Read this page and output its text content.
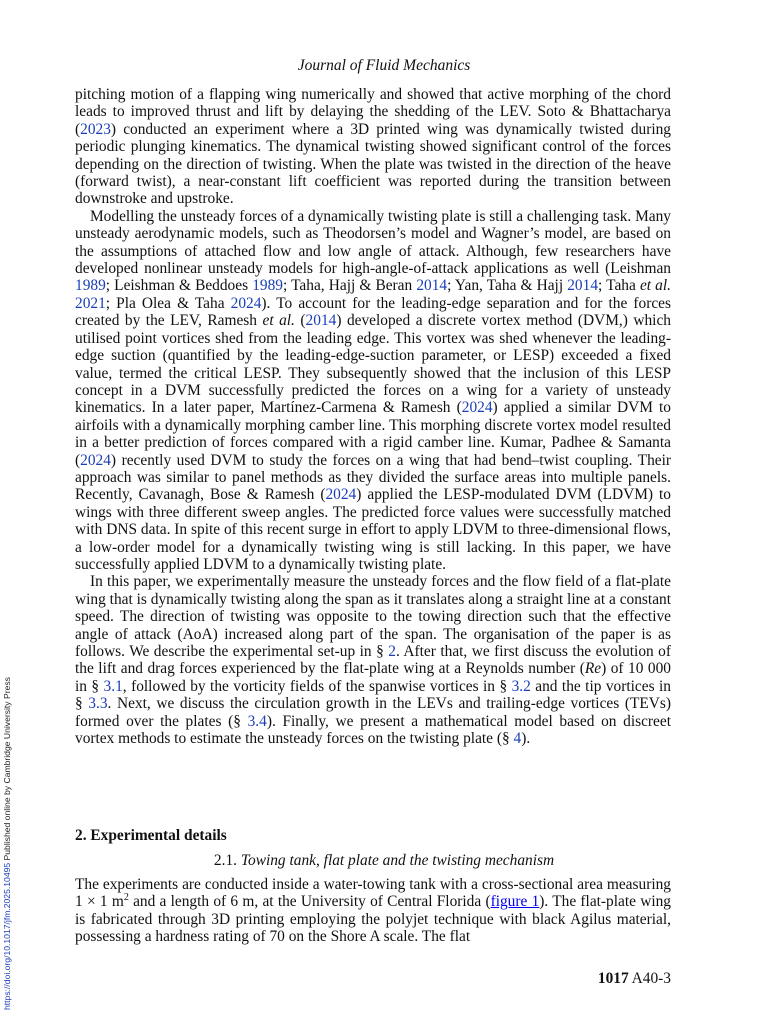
Journal of Fluid Mechanics

pitching motion of a flapping wing numerically and showed that active morphing of the chord leads to improved thrust and lift by delaying the shedding of the LEV. Soto & Bhattacharya (2023) conducted an experiment where a 3D printed wing was dynamically twisted during periodic plunging kinematics. The dynamical twisting showed significant control of the forces depending on the direction of twisting. When the plate was twisted in the direction of the heave (forward twist), a near-constant lift coefficient was reported during the transition between downstroke and upstroke.

Modelling the unsteady forces of a dynamically twisting plate is still a challenging task. Many unsteady aerodynamic models, such as Theodorsen’s model and Wagner’s model, are based on the assumptions of attached flow and low angle of attack. Although, few researchers have developed nonlinear unsteady models for high-angle-of-attack applications as well (Leishman 1989; Leishman & Beddoes 1989; Taha, Hajj & Beran 2014; Yan, Taha & Hajj 2014; Taha et al. 2021; Pla Olea & Taha 2024). To account for the leading-edge separation and for the forces created by the LEV, Ramesh et al. (2014) developed a discrete vortex method (DVM,) which utilised point vortices shed from the leading edge. This vortex was shed whenever the leading-edge suction (quantified by the leading-edge-suction parameter, or LESP) exceeded a fixed value, termed the critical LESP. They subsequently showed that the inclusion of this LESP concept in a DVM successfully predicted the forces on a wing for a variety of unsteady kinematics. In a later paper, Martínez-Carmena & Ramesh (2024) applied a similar DVM to airfoils with a dynamically morphing camber line. This morphing discrete vortex model resulted in a better prediction of forces compared with a rigid camber line. Kumar, Padhee & Samanta (2024) recently used DVM to study the forces on a wing that had bend–twist coupling. Their approach was similar to panel methods as they divided the surface areas into multiple panels. Recently, Cavanagh, Bose & Ramesh (2024) applied the LESP-modulated DVM (LDVM) to wings with three different sweep angles. The predicted force values were successfully matched with DNS data. In spite of this recent surge in effort to apply LDVM to three-dimensional flows, a low-order model for a dynamically twisting wing is still lacking. In this paper, we have successfully applied LDVM to a dynamically twisting plate.

In this paper, we experimentally measure the unsteady forces and the flow field of a flat-plate wing that is dynamically twisting along the span as it translates along a straight line at a constant speed. The direction of twisting was opposite to the towing direction such that the effective angle of attack (AoA) increased along part of the span. The organisation of the paper is as follows. We describe the experimental set-up in § 2. After that, we first discuss the evolution of the lift and drag forces experienced by the flat-plate wing at a Reynolds number (Re) of 10 000 in § 3.1, followed by the vorticity fields of the spanwise vortices in § 3.2 and the tip vortices in § 3.3. Next, we discuss the circulation growth in the LEVs and trailing-edge vortices (TEVs) formed over the plates (§ 3.4). Finally, we present a mathematical model based on discreet vortex methods to estimate the unsteady forces on the twisting plate (§ 4).

2. Experimental details
2.1. Towing tank, flat plate and the twisting mechanism

The experiments are conducted inside a water-towing tank with a cross-sectional area measuring 1 × 1 $m^2$ and a length of 6 m, at the University of Central Florida (figure 1). The flat-plate wing is fabricated through 3D printing employing the polyjet technique with black Agilus material, possessing a hardness rating of 70 on the Shore A scale. The flat

1017 A40-3
https://doi.org/10.1017/jfm.2025.10495 Published online by Cambridge University Press
